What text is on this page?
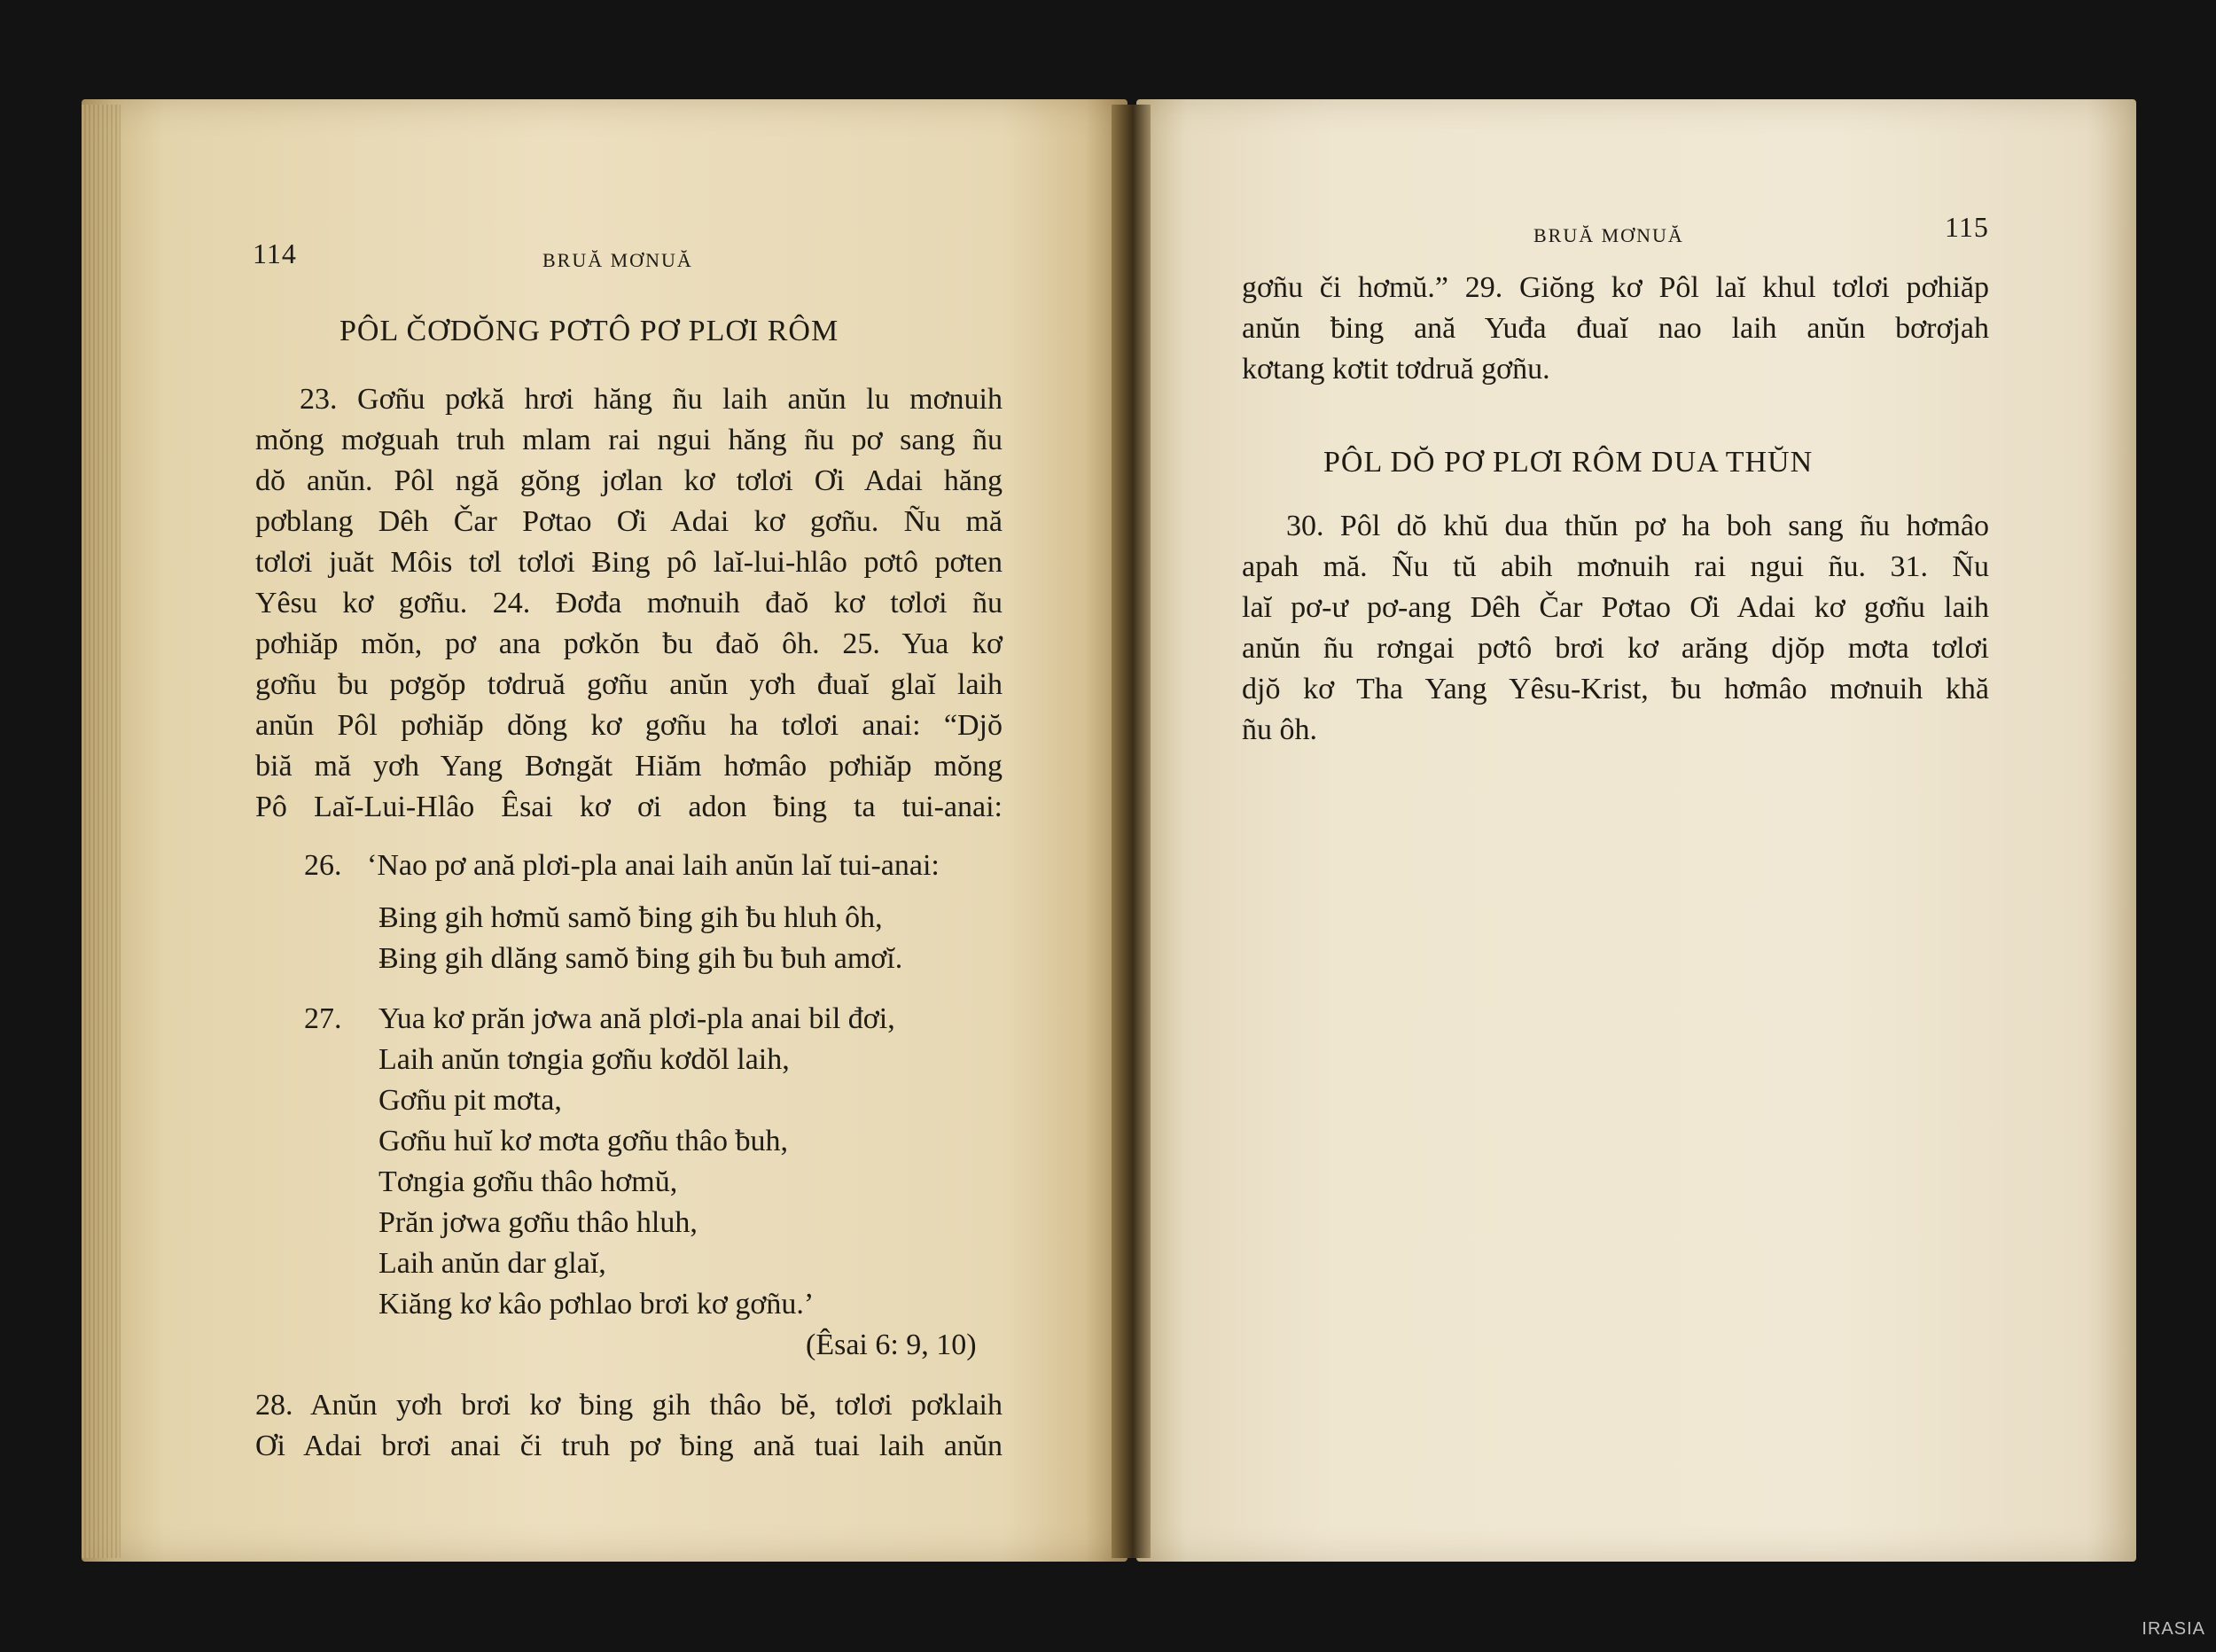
114	BRUĂ MƠNUĂ
PÔL ČƠDŎNG PƠTÔ PƠ PLƠI RÔM
23. Gơñu pơkă hrơi hăng ñu laih anŭn lu mơnuih
mŏng mơguah truh mlam rai ngui hăng ñu pơ sang ñu
dŏ anŭn. Pôl ngă gŏng jơlan kơ tơlơi Ơi Adai hăng
pơblang Dêh Čar Pơtao Ơi Adai kơ gơñu. Ñu mă
tơlơi juăt Môis tơl tơlơi Ƀing pô laĭ-lui-hlâo pơtô pơten
Yêsu kơ gơñu. 24. Đơđa mơnuih đaŏ kơ tơlơi ñu
pơhiăp mŏn, pơ ana pơkŏn ƀu đaŏ ôh. 25. Yua kơ
gơñu ƀu pơgŏp tơdruă gơñu anŭn yơh đuaĭ glaĭ laih
anŭn Pôl pơhiăp dŏng kơ gơñu ha tơlơi anai: “Djŏ
biă mă yơh Yang Bơngăt Hiăm hơmâo pơhiăp mŏng
Pô Laĭ-Lui-Hlâo Êsai kơ ơi adon ƀing ta tui-anai:
26. ‘Nao pơ ană plơi-pla anai laih anŭn laĭ tui-anai:
Ƀing gih hơmŭ samŏ ƀing gih ƀu hluh ôh,
Ƀing gih dlăng samŏ ƀing gih ƀu ƀuh amơĭ.
27. Yua kơ prăn jơwa ană plơi-pla anai bil đơi,
Laih anŭn tơngia gơñu kơdŏl laih,
Gơñu pit mơta,
Gơñu huĭ kơ mơta gơñu thâo ƀuh,
Tơngia gơñu thâo hơmŭ,
Prăn jơwa gơñu thâo hluh,
Laih anŭn dar glaĭ,
Kiăng kơ kâo pơhlao brơi kơ gơñu.’
(Êsai 6: 9, 10)
28. Anŭn yơh brơi kơ ƀing gih thâo bĕ, tơlơi pơklaih
Ơi Adai brơi anai či truh pơ ƀing ană tuai laih anŭn
BRUĂ MƠNUĂ	115
gơñu či hơmŭ.” 29. Giŏng kơ Pôl laĭ khul tơlơi pơhiăp
anŭn ƀing ană Yuđa đuaĭ nao laih anŭn bơrơjah
kơtang kơtit tơdruă gơñu.
PÔL DŎ PƠ PLƠI RÔM DUA THŬN
30. Pôl dŏ khŭ dua thŭn pơ ha boh sang ñu hơmâo
apah mă. Ñu tŭ abih mơnuih rai ngui ñu. 31. Ñu
laĭ pơ-ư pơ-ang Dêh Čar Pơtao Ơi Adai kơ gơñu laih
anŭn ñu rơngai pơtô brơi kơ arăng djŏp mơta tơlơi
djŏ kơ Tha Yang Yêsu-Krist, ƀu hơmâo mơnuih khă
ñu ôh.
IRASIA
